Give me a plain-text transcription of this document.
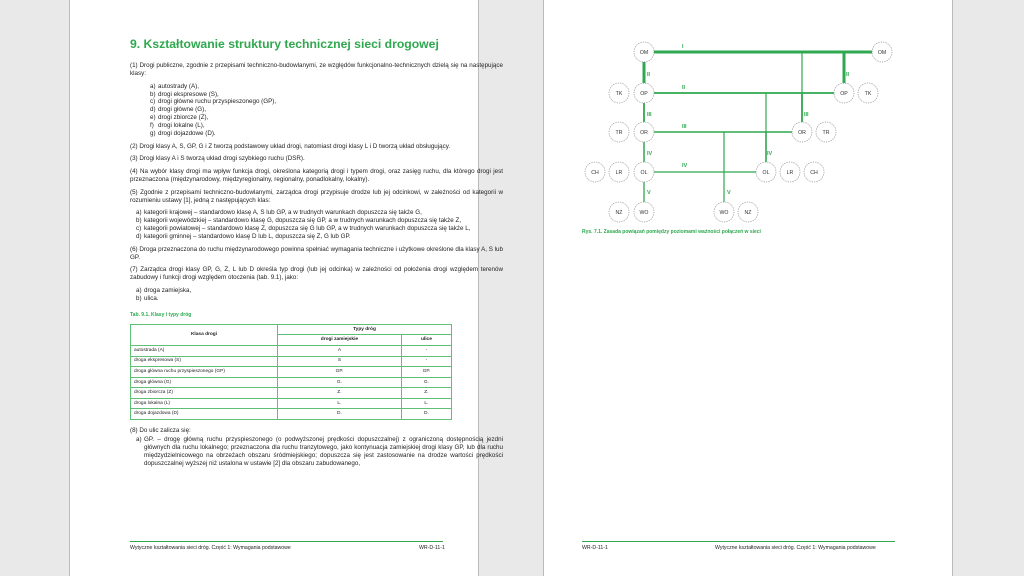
9. Kształtowanie struktury technicznej sieci drogowej

(1) Drogi publiczne, zgodnie z przepisami techniczno-budowlanymi, ze względów funkcjonalno-technicznych dzielą się na następujące klasy:

a) autostrady (A),
b) drogi ekspresowe (S),
c) drogi główne ruchu przyspieszonego (GP),
d) drogi główne (G),
e) drogi zbiorcze (Z),
f) drogi lokalne (L),
g) drogi dojazdowe (D).

(2) Drogi klasy A, S, GP, G i Z tworzą podstawowy układ drogi, natomiast drogi klasy L i D tworzą układ obsługujący.

(3) Drogi klasy A i S tworzą układ drogi szybkiego ruchu (DSR).

(4) Na wybór klasy drogi ma wpływ funkcja drogi, określona kategorią drogi i typem drogi, oraz zasięg ruchu, dla którego drogi jest przeznaczona (międzynarodowy, międzyregionalny, regionalny, ponadlokalny, lokalny).

(5) Zgodnie z przepisami techniczno-budowlanymi, zarządca drogi przypisuje drodze lub jej odcinkowi, w zależności od kategorii w rozumieniu ustawy [1], jedną z następujących klas:

a) kategorii krajowej – standardowo klasę A, S lub GP, a w trudnych warunkach dopuszcza się także G,
b) kategorii wojewódzkiej – standardowo klasę G, dopuszcza się GP, a w trudnych warunkach dopuszcza się także Z,
c) kategorii powiatowej – standardowo klasę Z, dopuszcza się G lub GP, a w trudnych warunkach dopuszcza się także L,
d) kategorii gminnej – standardowo klasę D lub L, dopuszcza się Z, G lub GP.

(6) Droga przeznaczona do ruchu międzynarodowego powinna spełniać wymagania techniczne i użytkowe określone dla klasy A, S lub GP.

(7) Zarządca drogi klasy GP, G, Z, L lub D określa typ drogi (lub jej odcinka) w zależności od położenia drogi względem terenów zabudowy i funkcji drogi względem otoczenia (tab. 9.1), jako:

a) droga zamiejska,
b) ulica.
Tab. 9.1. Klasy i typy dróg
Klasa drogi	Typy dróg	
	drogi zamiejskie	ulice
autostrada (A)	A	-
droga ekspresowa (S)	S	-
droga główna ruchu przyspieszonego (GP)	GP.	GP.
droga główna (G)	G.	G.
droga zbiorcza (Z)	Z.	Z.
droga lokalna (L)	L.	L.
droga dojazdowa (D)	D.	D.

(8) Do ulic zalicza się:

a) GP. – drogę główną ruchu przyspieszonego (o podwyższonej prędkości dopuszczalnej) z ograniczoną dostępnością jezdni głównych dla ruchu lokalnego; przeznaczona dla ruchu tranzytowego, jako kontynuacja zamiejskiej drogi klasy GP, lub dla ruchu międzydzielnicowego na obrzeżach obszaru śródmiejskiego; dopuszcza się jest zastosowanie na drodze wartości prędkości dopuszczalnej wyższej niż ustalona w ustawie [2] dla obszaru zabudowanego,
Wytyczne kształtowania sieci dróg. Część 1: Wymagania podstawowe	WR-D-11-1
I
II	II
II
III	III
III
IV	IV
IV
V	V
OM	OM
TK	OP	OP	TK
TR	OR	OR	TR
CH	LR	OL	OL	LR	CH
NZ	WO	WO	NZ

Rys. 7.1. Zasada powiązań pomiędzy poziomami ważności połączeń w sieci

WR-D-11-1	Wytyczne kształtowania sieci dróg. Część 1: Wymagania podstawowe
